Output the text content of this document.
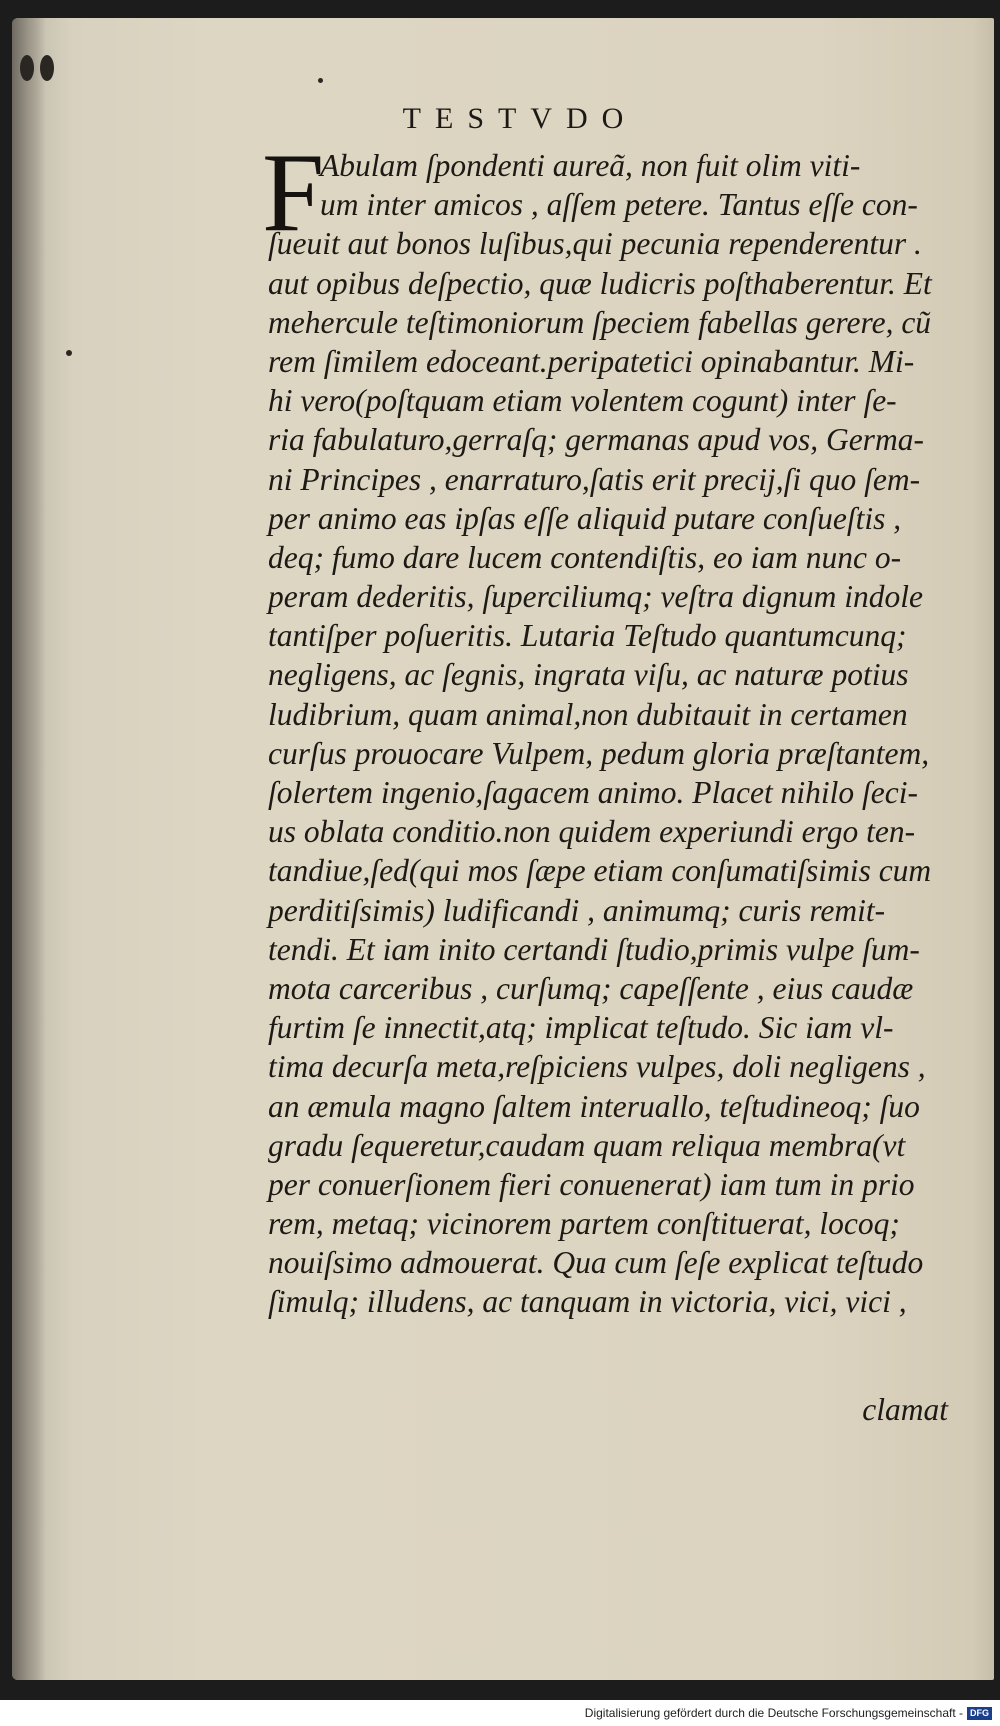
TESTVDO
F
Abulam ſpondenti aureã, non fuit olim viti-
um inter amicos , aſſem petere. Tantus eſſe con-
ſueuit aut bonos luſibus,qui pecunia rependerentur .
aut opibus deſpectio, quæ ludicris poſthaberentur. Et
mehercule teſtimoniorum ſpeciem fabellas gerere, cũ
rem ſimilem edoceant.peripatetici opinabantur. Mi-
hi vero(poſtquam etiam volentem cogunt) inter ſe-
ria fabulaturo,gerraſq; germanas apud vos, Germa-
ni Principes , enarraturo,ſatis erit precij,ſi quo ſem-
per animo eas ipſas eſſe aliquid putare conſueſtis ,
deq; fumo dare lucem contendiſtis, eo iam nunc o-
peram dederitis, ſuperciliumq; veſtra dignum indole
tantiſper poſueritis. Lutaria Teſtudo quantumcunq;
negligens, ac ſegnis, ingrata viſu, ac naturæ potius
ludibrium, quam animal,non dubitauit in certamen
curſus prouocare Vulpem, pedum gloria præſtantem,
ſolertem ingenio,ſagacem animo. Placet nihilo ſeci-
us oblata conditio.non quidem experiundi ergo ten-
tandiue,ſed(qui mos ſæpe etiam conſumatiſsimis cum
perditiſsimis) ludificandi , animumq; curis remit-
tendi. Et iam inito certandi ſtudio,primis vulpe ſum-
mota carceribus , curſumq; capeſſente , eius caudæ
furtim ſe innectit,atq; implicat teſtudo. Sic iam vl-
tima decurſa meta,reſpiciens vulpes, doli negligens ,
an æmula magno ſaltem interuallo, teſtudineoq; ſuo
gradu ſequeretur,caudam quam reliqua membra(vt
per conuerſionem fieri conuenerat) iam tum in prio
rem, metaq; vicinorem partem conſtituerat, locoq;
nouiſsimo admouerat. Qua cum ſeſe explicat teſtudo
ſimulq; illudens, ac tanquam in victoria, vici, vici ,
clamat
Digitalisierung gefördert durch die Deutsche Forschungsgemeinschaft - DFG
